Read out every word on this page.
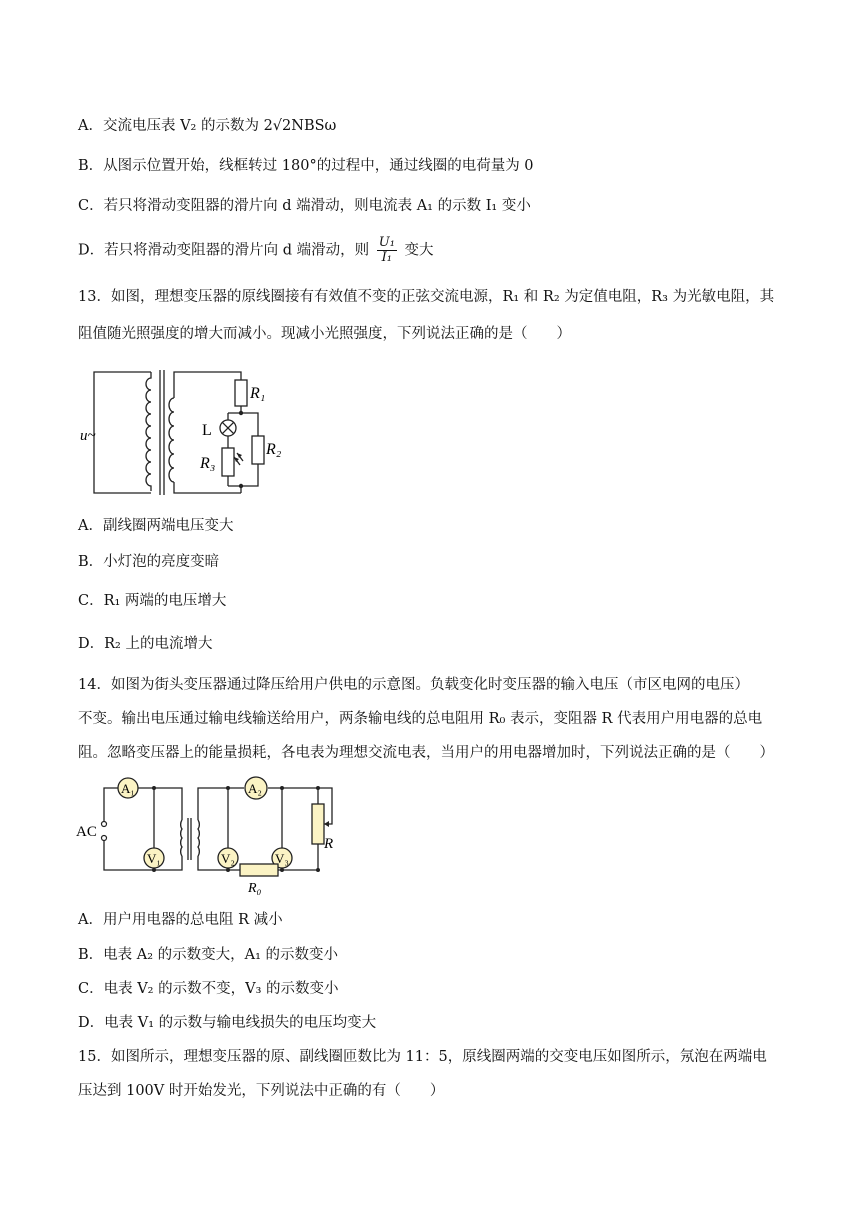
A．交流电压表 V₂ 的示数为 2√2NBSω
B．从图示位置开始，线框转过 180°的过程中，通过线圈的电荷量为 0
C．若只将滑动变阻器的滑片向 d 端滑动，则电流表 A₁ 的示数 I₁ 变小
D．若只将滑动变阻器的滑片向 d 端滑动，则 $\frac{\text{U₁}}{\text{I₁}}$ 变大
13．如图，理想变压器的原线圈接有有效值不变的正弦交流电源，R₁ 和 R₂ 为定值电阻，R₃ 为光敏电阻，其
阻值随光照强度的增大而减小。现减小光照强度，下列说法正确的是（　　）
u~
R₁
R₂
R₃
L
A．副线圈两端电压变大
B．小灯泡的亮度变暗
C．R₁ 两端的电压增大
D．R₂ 上的电流增大
14．如图为街头变压器通过降压给用户供电的示意图。负载变化时变压器的输入电压（市区电网的电压）
不变。输出电压通过输电线输送给用户，两条输电线的总电阻用 R₀ 表示，变阻器 R 代表用户用电器的总电
阻。忽略变压器上的能量损耗，各电表为理想交流电表，当用户的用电器增加时，下列说法正确的是（　　）
AC
A₁
V₁
A₂
V₂	V₃
R
R₀
A．用户用电器的总电阻 R 减小
B．电表 A₂ 的示数变大，A₁ 的示数变小
C．电表 V₂ 的示数不变，V₃ 的示数变小
D．电表 V₁ 的示数与输电线损失的电压均变大
15．如图所示，理想变压器的原、副线圈匝数比为 11：5，原线圈两端的交变电压如图所示，氖泡在两端电
压达到 100V 时开始发光，下列说法中正确的有（　　）
